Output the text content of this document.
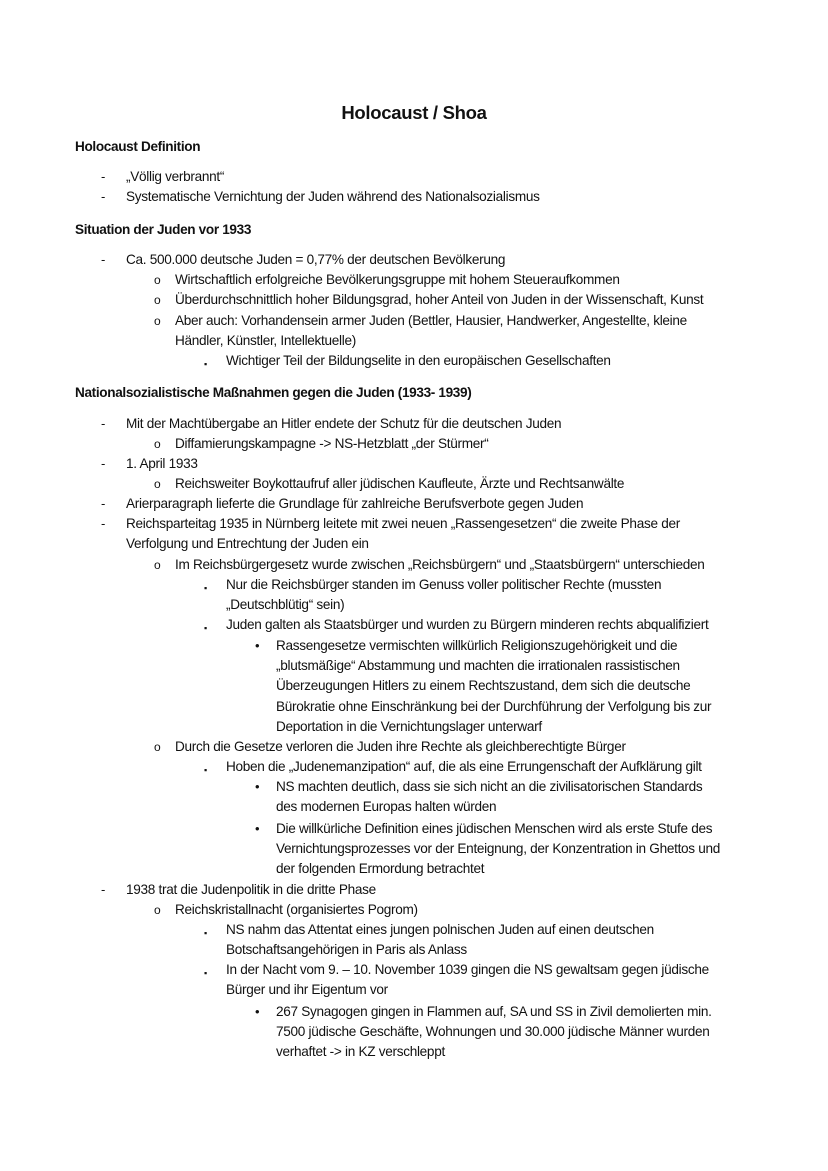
Holocaust / Shoa
Holocaust Definition
- „Völlig verbrannt“
- Systematische Vernichtung der Juden während des Nationalsozialismus
Situation der Juden vor 1933
- Ca. 500.000 deutsche Juden = 0,77% der deutschen Bevölkerung
o Wirtschaftlich erfolgreiche Bevölkerungsgruppe mit hohem Steueraufkommen
o Überdurchschnittlich hoher Bildungsgrad, hoher Anteil von Juden in der Wissenschaft, Kunst
o Aber auch: Vorhandensein armer Juden (Bettler, Hausier, Handwerker, Angestellte, kleine
Händler, Künstler, Intellektuelle)
▪ Wichtiger Teil der Bildungselite in den europäischen Gesellschaften
Nationalsozialistische Maßnahmen gegen die Juden (1933- 1939)
- Mit der Machtübergabe an Hitler endete der Schutz für die deutschen Juden
o Diffamierungskampagne -> NS-Hetzblatt „der Stürmer“
- 1. April 1933
o Reichsweiter Boykottaufruf aller jüdischen Kaufleute, Ärzte und Rechtsanwälte
- Arierparagraph lieferte die Grundlage für zahlreiche Berufsverbote gegen Juden
- Reichsparteitag 1935 in Nürnberg leitete mit zwei neuen „Rassengesetzen“ die zweite Phase der
Verfolgung und Entrechtung der Juden ein
o Im Reichsbürgergesetz wurde zwischen „Reichsbürgern“ und „Staatsbürgern“ unterschieden
▪ Nur die Reichsbürger standen im Genuss voller politischer Rechte (mussten
„Deutschblütig“ sein)
▪ Juden galten als Staatsbürger und wurden zu Bürgern minderen rechts abqualifiziert
• Rassengesetze vermischten willkürlich Religionszugehörigkeit und die
„blutsmäßige“ Abstammung und machten die irrationalen rassistischen
Überzeugungen Hitlers zu einem Rechtszustand, dem sich die deutsche
Bürokratie ohne Einschränkung bei der Durchführung der Verfolgung bis zur
Deportation in die Vernichtungslager unterwarf
o Durch die Gesetze verloren die Juden ihre Rechte als gleichberechtigte Bürger
▪ Hoben die „Judenemanzipation“ auf, die als eine Errungenschaft der Aufklärung gilt
• NS machten deutlich, dass sie sich nicht an die zivilisatorischen Standards
des modernen Europas halten würden
• Die willkürliche Definition eines jüdischen Menschen wird als erste Stufe des
Vernichtungsprozesses vor der Enteignung, der Konzentration in Ghettos und
der folgenden Ermordung betrachtet
- 1938 trat die Judenpolitik in die dritte Phase
o Reichskristallnacht (organisiertes Pogrom)
▪ NS nahm das Attentat eines jungen polnischen Juden auf einen deutschen
Botschaftsangehörigen in Paris als Anlass
▪ In der Nacht vom 9. – 10. November 1039 gingen die NS gewaltsam gegen jüdische
Bürger und ihr Eigentum vor
• 267 Synagogen gingen in Flammen auf, SA und SS in Zivil demolierten min.
7500 jüdische Geschäfte, Wohnungen und 30.000 jüdische Männer wurden
verhaftet -> in KZ verschleppt
